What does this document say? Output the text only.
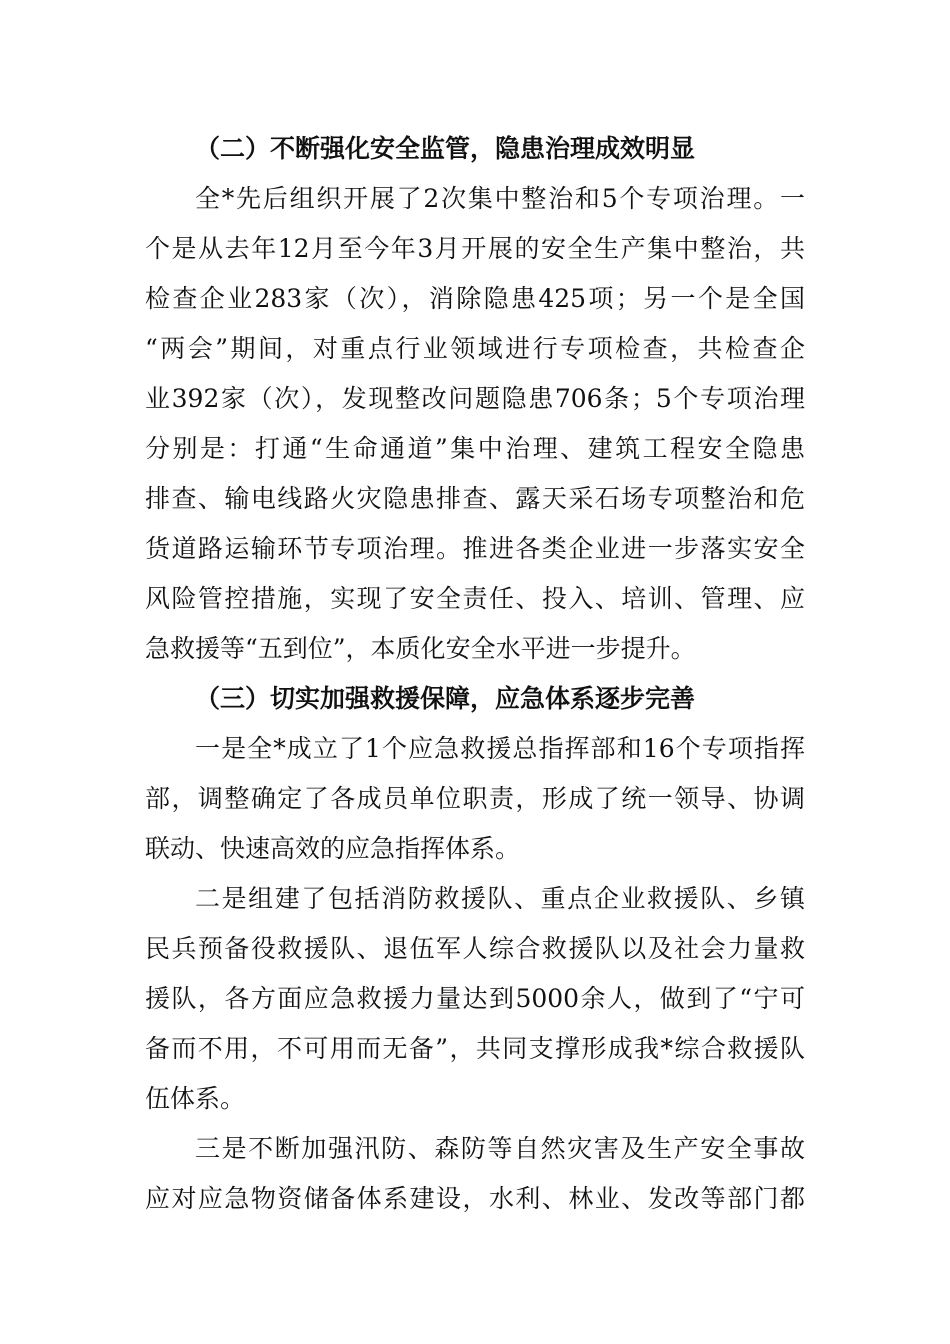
（二）不断强化安全监管，隐患治理成效明显
全*先后组织开展了2次集中整治和5个专项治理。一
个是从去年12月至今年3月开展的安全生产集中整治，共
检查企业283家（次），消除隐患425项；另一个是全国
“两会”期间，对重点行业领域进行专项检查，共检查企
业392家（次），发现整改问题隐患706条；5个专项治理
分别是：打通“生命通道”集中治理、建筑工程安全隐患
排查、输电线路火灾隐患排查、露天采石场专项整治和危
货道路运输环节专项治理。推进各类企业进一步落实安全
风险管控措施，实现了安全责任、投入、培训、管理、应
急救援等“五到位”，本质化安全水平进一步提升。
（三）切实加强救援保障，应急体系逐步完善
一是全*成立了1个应急救援总指挥部和16个专项指挥
部，调整确定了各成员单位职责，形成了统一领导、协调
联动、快速高效的应急指挥体系。
二是组建了包括消防救援队、重点企业救援队、乡镇
民兵预备役救援队、退伍军人综合救援队以及社会力量救
援队，各方面应急救援力量达到5000余人，做到了“宁可
备而不用，不可用而无备”，共同支撑形成我*综合救援队
伍体系。
三是不断加强汛防、森防等自然灾害及生产安全事故
应对应急物资储备体系建设，水利、林业、发改等部门都
